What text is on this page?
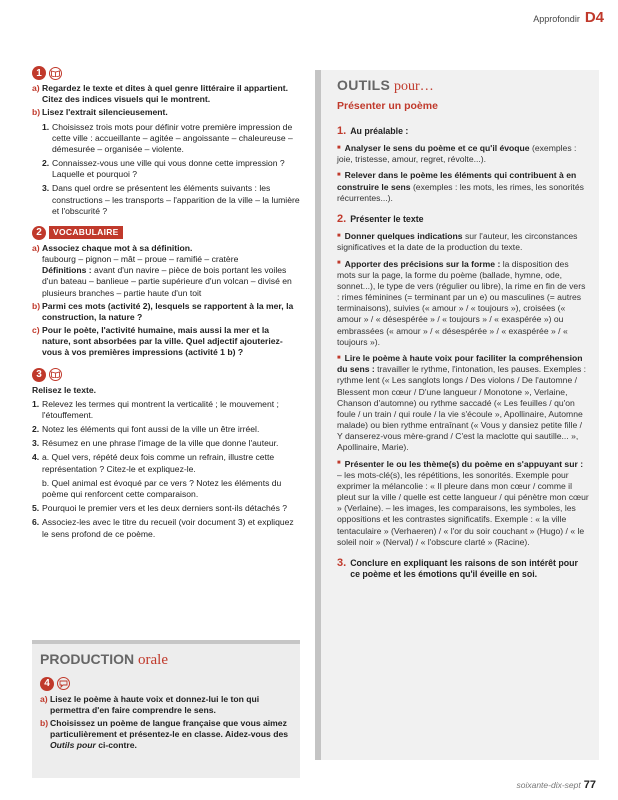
Approfondir D4
1
a) Regardez le texte et dites à quel genre littéraire il appartient. Citez des indices visuels qui le montrent.
b) Lisez l'extrait silencieusement.
1. Choisissez trois mots pour définir votre première impression de cette ville : accueillante – agitée – angoissante – chaleureuse – démesurée – organisée – violente.
2. Connaissez-vous une ville qui vous donne cette impression ? Laquelle et pourquoi ?
3. Dans quel ordre se présentent les éléments suivants : les constructions – les transports – l'apparition de la ville – la lumière et l'obscurité ?
2	VOCABULAIRE
a) Associez chaque mot à sa définition.
faubourg – pignon – mât – proue – ramifié – cratère
Définitions : avant d'un navire – pièce de bois portant les voiles d'un bateau – banlieue – partie supérieure d'un volcan – divisé en plusieurs branches – partie haute d'un toit
b) Parmi ces mots (activité 2), lesquels se rapportent à la mer, la construction, la nature ?
c) Pour le poète, l'activité humaine, mais aussi la mer et la nature, sont absorbées par la ville. Quel adjectif ajouteriez-vous à vos premières impressions (activité 1 b) ?
3
Relisez le texte.
1. Relevez les termes qui montrent la verticalité ; le mouvement ; l'étouffement.
2. Notez les éléments qui font aussi de la ville un être irréel.
3. Résumez en une phrase l'image de la ville que donne l'auteur.
4. a. Quel vers, répété deux fois comme un refrain, illustre cette représentation ? Citez-le et expliquez-le.
b. Quel animal est évoqué par ce vers ? Notez les éléments du poème qui renforcent cette comparaison.
5. Pourquoi le premier vers et les deux derniers sont-ils détachés ?
6. Associez-les avec le titre du recueil (voir document 3) et expliquez le sens profond de ce poème.
PRODUCTION orale
4
a) Lisez le poème à haute voix et donnez-lui le ton qui permettra d'en faire comprendre le sens.
b) Choisissez un poème de langue française que vous aimez particulièrement et présentez-le en classe. Aidez-vous des Outils pour ci-contre.
OUTILS pour…
Présenter un poème
1. Au préalable :
■ Analyser le sens du poème et ce qu'il évoque (exemples : joie, tristesse, amour, regret, révolte...).
■ Relever dans le poème les éléments qui contribuent à en construire le sens (exemples : les mots, les rimes, les sonorités récurrentes...).
2. Présenter le texte
■ Donner quelques indications sur l'auteur, les circonstances significatives et la date de la production du texte.
■ Apporter des précisions sur la forme : la disposition des mots sur la page, la forme du poème (ballade, hymne, ode, sonnet...), le type de vers (régulier ou libre), la rime en fin de vers : rimes féminines (= terminant par un e) ou masculines (= autres terminaisons), suivies (« amour » / « toujours »), croisées (« amour » / « désespérée » / « toujours » / « exaspérée ») ou embrassées (« amour » / « désespérée » / « exaspérée » / « toujours »).
■ Lire le poème à haute voix pour faciliter la compréhension du sens : travailler le rythme, l'intonation, les pauses. Exemples : rythme lent (« Les sanglots longs / Des violons / De l'automne / Blessent mon cœur / D'une langueur / Monotone », Verlaine, Chanson d'automne) ou rythme saccadé (« Les feuilles / qu'on foule / un train / qui roule / la vie s'écoule », Apollinaire, Automne malade) ou bien rythme entraînant (« Vous y dansiez petite fille / Y danserez-vous mère-grand / C'est la maclotte qui sautille... », Apollinaire, Marie).
■ Présenter le ou les thème(s) du poème en s'appuyant sur : – les mots-clé(s), les répétitions, les sonorités. Exemple pour exprimer la mélancolie : « Il pleure dans mon cœur / comme il pleut sur la ville / quelle est cette langueur / qui pénètre mon cœur » (Verlaine). – les images, les comparaisons, les symboles, les oppositions et les contrastes significatifs. Exemple : « la ville tentaculaire » (Verhaeren) / « l'or du soir couchant » (Hugo) / « le soleil noir » (Nerval) / « l'obscure clarté » (Racine).
3. Conclure en expliquant les raisons de son intérêt pour ce poème et les émotions qu'il éveille en soi.
soixante-dix-sept 77
